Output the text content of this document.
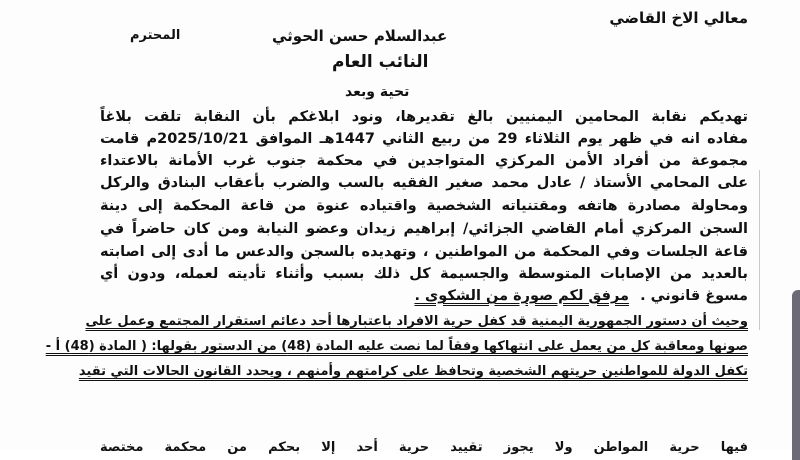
معالي الاخ القاضي
عبدالسلام حسن الحوثي
المحترم
النائب العام
تحية وبعد
تهديكم نقابة المحامين اليمنيين بالغ تقديرها، ونود ابلاغكم بأن النقابة تلقت بلاغاً
مفاده انه في ظهر يوم الثلاثاء 29 من ربيع الثاني 1447هـ الموافق 2025/10/21م قامت
مجموعة من أفراد الأمن المركزي المتواجدين في محكمة جنوب غرب الأمانة بالاعتداء
على المحامي الأستاذ / عادل محمد صغير الفقيه بالسب والضرب بأعقاب البنادق والركل
ومحاولة مصادرة هاتفه ومقتنياته الشخصية واقتياده عنوة من قاعة المحكمة إلى دينة
السجن المركزي أمام القاضي الجزائي/ إبراهيم زيدان وعضو النيابة ومن كان حاضراً في
قاعة الجلسات وفي المحكمة من المواطنين ، وتهديده بالسجن والدعس ما أدى إلى اصابته
بالعديد من الإصابات المتوسطة والجسيمة كل ذلك بسبب وأثناء تأديته لعمله، ودون أي
مسوغ قانوني . مرفق لكم صورة من الشكوى .
وحيث أن دستور الجمهورية اليمنية قد كفل حرية الافراد باعتبارها أحد دعائم استقرار المجتمع وعمل على
صونها ومعاقبة كل من يعمل على انتهاكها وفقاً لما نصت عليه المادة (48) من الدستور بقولها: ( المادة (48) أ -
تكفل الدولة للمواطنين حريتهم الشخصية وتحافظ على كرامتهم وأمنهم ، ويحدد القانون الحالات التي تقيد
فيها حرية المواطن ولا يجوز تقييد حرية أحد إلا بحكم من محكمة مختصة
